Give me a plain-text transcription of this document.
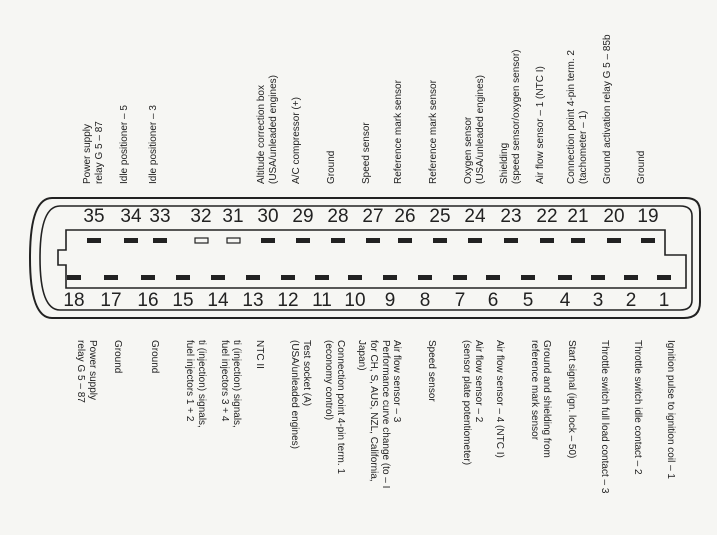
35 34 33 32 31 30 29 28 27 26 25 24 23 22 21 20 19
18 17 16 15 14 13 12 11 10 9 8 7 6 5 4 3 2 1
Power supplyrelay G 5 – 87 Idle positioner – 5 Idle positioner – 3	Altitude correction box(USA/unleaded engines) A/C compressor (+) Ground Speed sensor Reference mark sensor Reference mark sensor Oxygen sensor(USA/unleaded engines) Shielding(speed sensor/oxygen sensor) Air flow sensor – 1 (NTC I) Connection point 4-pin term. 2(tachometer – 1) Ground activation relay G 5 – 85b Ground
Power supplyrelay G 5 – 87	Ground	Ground	ti (injection) signals,fuel injectors 1 + 2	ti (injection) signals,fuel injectors 3 + 4	NTC II	Test socket (A)(USA/unleaded engines)	Connection point 4-pin term. 1(economy control)	Performance curve change (to – Ifor CH, S, AUS, NZL, California,Japan)	Air flow sensor – 3 Speed sensor	Air flow sensor – 2(sensor plate potentiometer)	Air flow sensor – 4 (NTC I)	Ground and shielding fromreference mark sensor	Start signal (ign. lock – 50) Throttle switch full load contact – 3 Throttle switch idle contact – 2 Ignition pulse to ignition coil – 1
